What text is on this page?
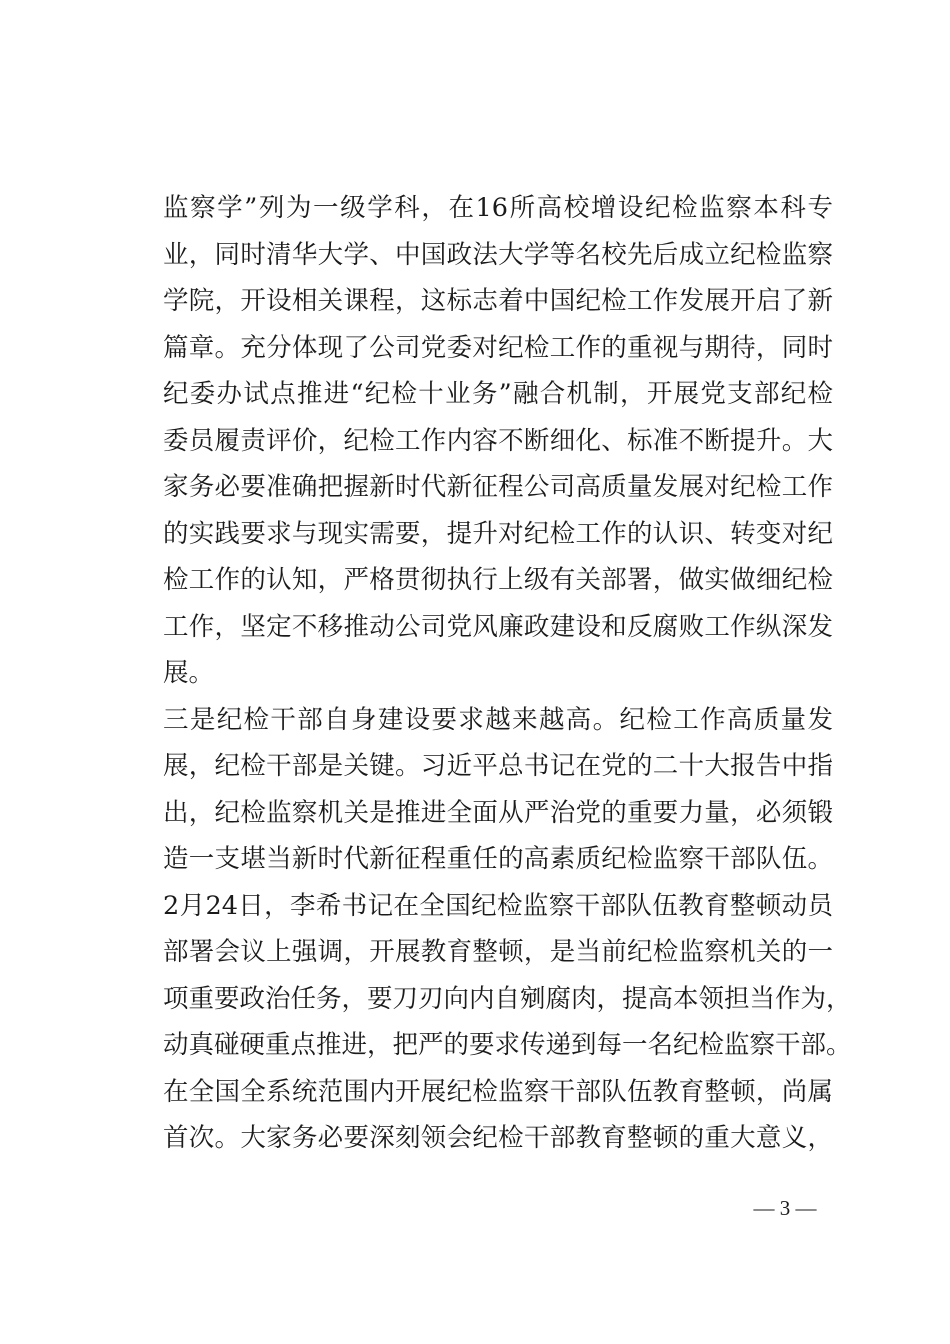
监察学”列为一级学科，在16所高校增设纪检监察本科专
业，同时清华大学、中国政法大学等名校先后成立纪检监察
学院，开设相关课程，这标志着中国纪检工作发展开启了新
篇章。充分体现了公司党委对纪检工作的重视与期待，同时
纪委办试点推进“纪检十业务”融合机制，开展党支部纪检
委员履责评价，纪检工作内容不断细化、标准不断提升。大
家务必要准确把握新时代新征程公司高质量发展对纪检工作
的实践要求与现实需要，提升对纪检工作的认识、转变对纪
检工作的认知，严格贯彻执行上级有关部署，做实做细纪检
工作，坚定不移推动公司党风廉政建设和反腐败工作纵深发
展。
三是纪检干部自身建设要求越来越高。纪检工作高质量发
展，纪检干部是关键。习近平总书记在党的二十大报告中指
出，纪检监察机关是推进全面从严治党的重要力量，必须锻
造一支堪当新时代新征程重任的高素质纪检监察干部队伍。
2月24日，李希书记在全国纪检监察干部队伍教育整顿动员
部署会议上强调，开展教育整顿，是当前纪检监察机关的一
项重要政治任务，要刀刃向内自剜腐肉，提高本领担当作为，
动真碰硬重点推进，把严的要求传递到每一名纪检监察干部。
在全国全系统范围内开展纪检监察干部队伍教育整顿，尚属
首次。大家务必要深刻领会纪检干部教育整顿的重大意义，
— 3 —
